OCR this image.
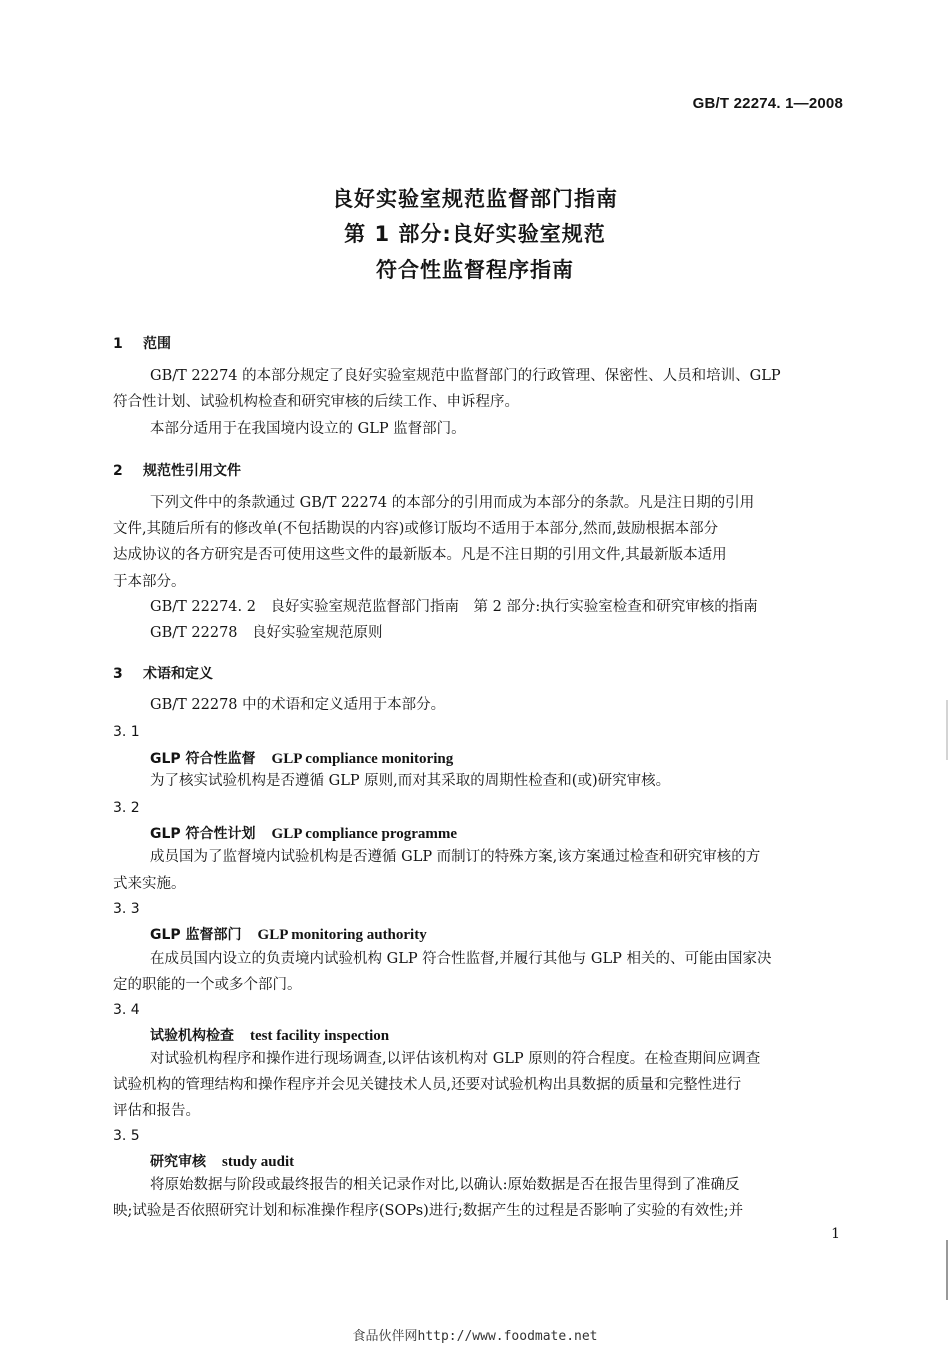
GB/T 22274. 1—2008
良好实验室规范监督部门指南
第 1 部分:良好实验室规范
符合性监督程序指南
1 范围
GB/T 22274 的本部分规定了良好实验室规范中监督部门的行政管理、保密性、人员和培训、GLP
符合性计划、试验机构检查和研究审核的后续工作、申诉程序。
本部分适用于在我国境内设立的 GLP 监督部门。
2 规范性引用文件
下列文件中的条款通过 GB/T 22274 的本部分的引用而成为本部分的条款。凡是注日期的引用
文件,其随后所有的修改单(不包括勘误的内容)或修订版均不适用于本部分,然而,鼓励根据本部分
达成协议的各方研究是否可使用这些文件的最新版本。凡是不注日期的引用文件,其最新版本适用
于本部分。
GB/T 22274. 2　 良好实验室规范监督部门指南　第 2 部分:执行实验室检查和研究审核的指南
GB/T 22278　 良好实验室规范原则
3 术语和定义
GB/T 22278 中的术语和定义适用于本部分。
3. 1
GLP 符合性监督 GLP compliance monitoring
为了核实试验机构是否遵循 GLP 原则,而对其采取的周期性检查和(或)研究审核。
3. 2
GLP 符合性计划 GLP compliance programme
成员国为了监督境内试验机构是否遵循 GLP 而制订的特殊方案,该方案通过检查和研究审核的方
式来实施。
3. 3
GLP 监督部门 GLP monitoring authority
在成员国内设立的负责境内试验机构 GLP 符合性监督,并履行其他与 GLP 相关的、可能由国家决
定的职能的一个或多个部门。
3. 4
试验机构检查 test facility inspection
对试验机构程序和操作进行现场调查,以评估该机构对 GLP 原则的符合程度。在检查期间应调查
试验机构的管理结构和操作程序并会见关键技术人员,还要对试验机构出具数据的质量和完整性进行
评估和报告。
3. 5
研究审核 study audit
将原始数据与阶段或最终报告的相关记录作对比,以确认:原始数据是否在报告里得到了准确反
映;试验是否依照研究计划和标准操作程序(SOPs)进行;数据产生的过程是否影响了实验的有效性;并
1
食品伙伴网http://www.foodmate.net
